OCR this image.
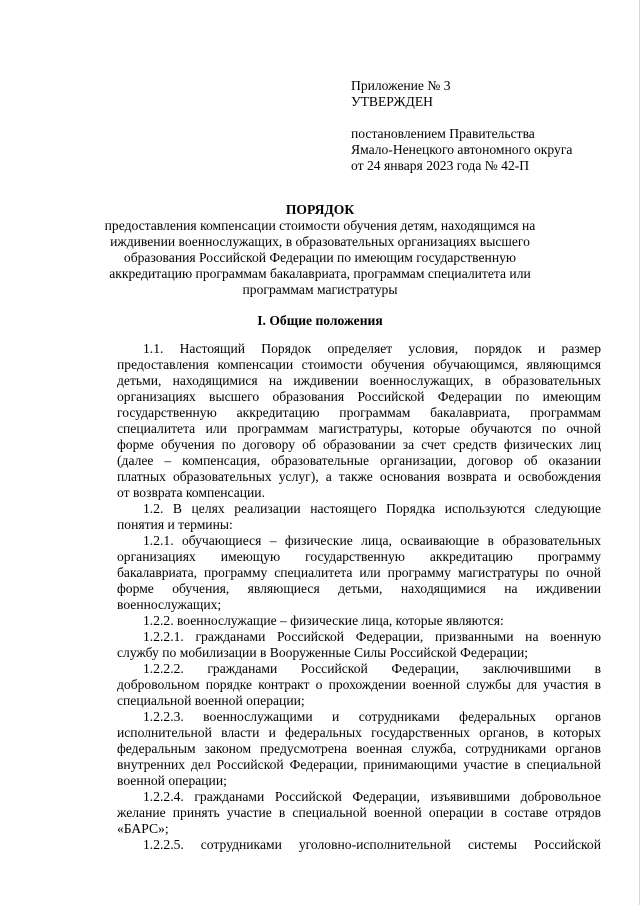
Приложение № 3
УТВЕРЖДЕН
постановлением Правительства
Ямало-Ненецкого автономного округа
от 24 января 2023 года № 42-П
ПОРЯДОК
предоставления компенсации стоимости обучения детям, находящимся на
иждивении военнослужащих, в образовательных организациях высшего
образования Российской Федерации по имеющим государственную
аккредитацию программам бакалавриата, программам специалитета или
программам магистратуры
I. Общие положения
1.1. Настоящий Порядок определяет условия, порядок и размер
предоставления компенсации стоимости обучения обучающимся, являющимся
детьми, находящимися на иждивении военнослужащих, в образовательных
организациях высшего образования Российской Федерации по имеющим
государственную аккредитацию программам бакалавриата, программам
специалитета или программам магистратуры, которые обучаются по очной
форме обучения по договору об образовании за счет средств физических лиц
(далее – компенсация, образовательные организации, договор об оказании
платных образовательных услуг), а также основания возврата и освобождения
от возврата компенсации.
1.2. В целях реализации настоящего Порядка используются следующие
понятия и термины:
1.2.1. обучающиеся – физические лица, осваивающие в образовательных
организациях имеющую государственную аккредитацию программу
бакалавриата, программу специалитета или программу магистратуры по очной
форме обучения, являющиеся детьми, находящимися на иждивении
военнослужащих;
1.2.2. военнослужащие – физические лица, которые являются:
1.2.2.1. гражданами Российской Федерации, призванными на военную
службу по мобилизации в Вооруженные Силы Российской Федерации;
1.2.2.2. гражданами Российской Федерации, заключившими в
добровольном порядке контракт о прохождении военной службы для участия в
специальной военной операции;
1.2.2.3. военнослужащими и сотрудниками федеральных органов
исполнительной власти и федеральных государственных органов, в которых
федеральным законом предусмотрена военная служба, сотрудниками органов
внутренних дел Российской Федерации, принимающими участие в специальной
военной операции;
1.2.2.4. гражданами Российской Федерации, изъявившими добровольное
желание принять участие в специальной военной операции в составе отрядов
«БАРС»;
1.2.2.5. сотрудниками уголовно-исполнительной системы Российской
